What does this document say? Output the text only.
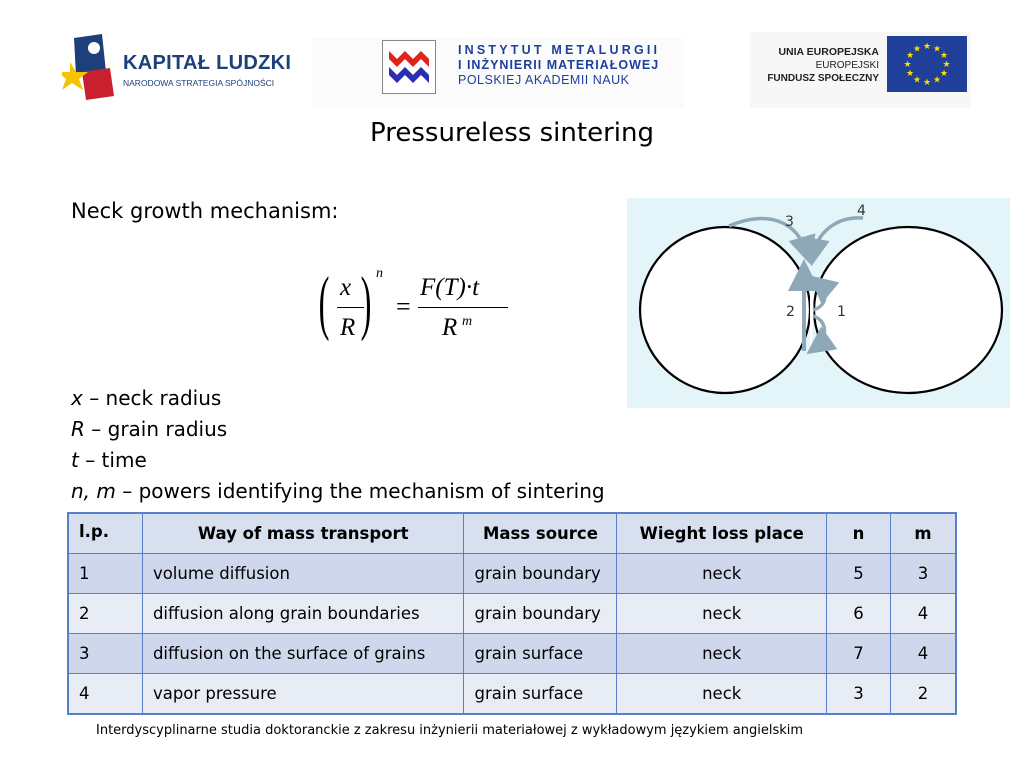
KAPITAŁ LUDZKI
NARODOWA STRATEGIA SPÓJNOŚCI
INSTYTUT METALURGII
I INŻYNIERII MATERIAŁOWEJ
POLSKIEJ AKADEMII NAUK
UNIA EUROPEJSKA
EUROPEJSKI
FUNDUSZ SPOŁECZNY
★ ★
★
★
★
★
★
★
★
★
★
★
Pressureless sintering
Neck growth mechanism:
( x
R ) n
=
F(T)·t
R m
x – neck radius
R – grain radius
t – time
n, m – powers identifying the mechanism of sintering
1
2
3
4
l.p.	Way of mass transport	Mass source	Wieght loss place	n	m
1	volume diffusion	grain boundary	neck	5	3
2	diffusion along grain boundaries	grain boundary	neck	6	4
3	diffusion on the surface of grains	grain surface	neck	7	4
4	vapor pressure	grain surface	neck	3	2
Interdyscyplinarne studia doktoranckie z zakresu inżynierii materiałowej z wykładowym językiem angielskim
